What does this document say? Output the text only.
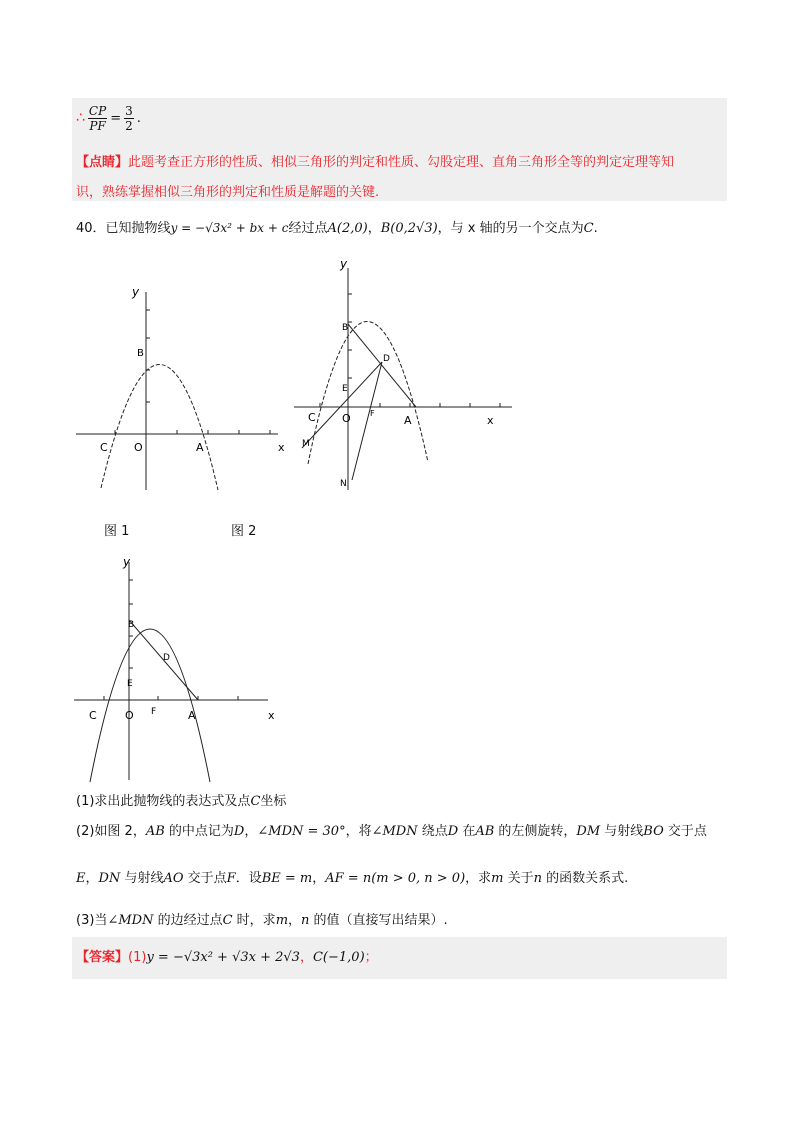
∴ $\frac{CP}{PF} = \frac{3}{2}$ .
【点睛】此题考查正方形的性质、相似三角形的判定和性质、勾股定理、直角三角形全等的判定定理等知
识，熟练掌握相似三角形的判定和性质是解题的关键.
40．已知抛物线y = −√3x² + bx + c经过点A(2,0)，B(0,2√3)，与 x 轴的另一个交点为C.
y
B
C O	A	x
y
B
D
E
F
C O	A	x
M
N
图 1	图 2
y
B
D
E
F
C	O	A	x
(1)求出此抛物线的表达式及点C坐标
(2)如图 2，AB 的中点记为D，∠MDN = 30°，将∠MDN 绕点D 在AB 的左侧旋转，DM 与射线BO 交于点
E，DN 与射线AO 交于点F．设BE = m，AF = n(m > 0, n > 0)，求m 关于n 的函数关系式.
(3)当∠MDN 的边经过点C 时，求m，n 的值（直接写出结果）.
【答案】(1)y = −√3x² + √3x + 2√3，C(−1,0)；
